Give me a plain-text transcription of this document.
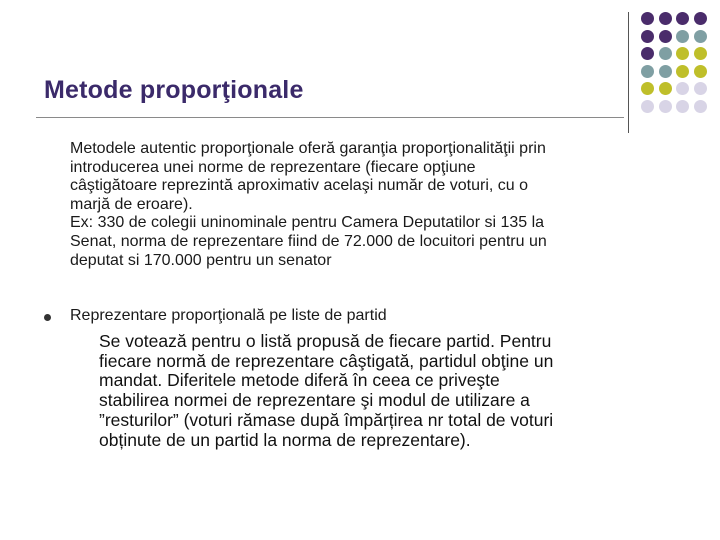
Metode proporţionale
Metodele autentic proporţionale oferă garanţia proporţionalităţii prin
introducerea unei norme de reprezentare (fiecare opţiune
câştigătoare reprezintă aproximativ acelaşi număr de voturi, cu o
marjă de eroare).
Ex: 330 de colegii uninominale pentru Camera Deputatilor si 135 la
Senat, norma de reprezentare fiind de 72.000 de locuitori pentru un
deputat si 170.000 pentru un senator
Reprezentare proporţională pe liste de partid
Se votează pentru o listă propusă de fiecare partid. Pentru
fiecare normă de reprezentare câştigată, partidul obţine un
mandat. Diferitele metode diferă în ceea ce priveşte
stabilirea normei de reprezentare şi modul de utilizare a
”resturilor” (voturi rămase după împărțirea nr total de voturi
obținute de un partid la norma de reprezentare).
